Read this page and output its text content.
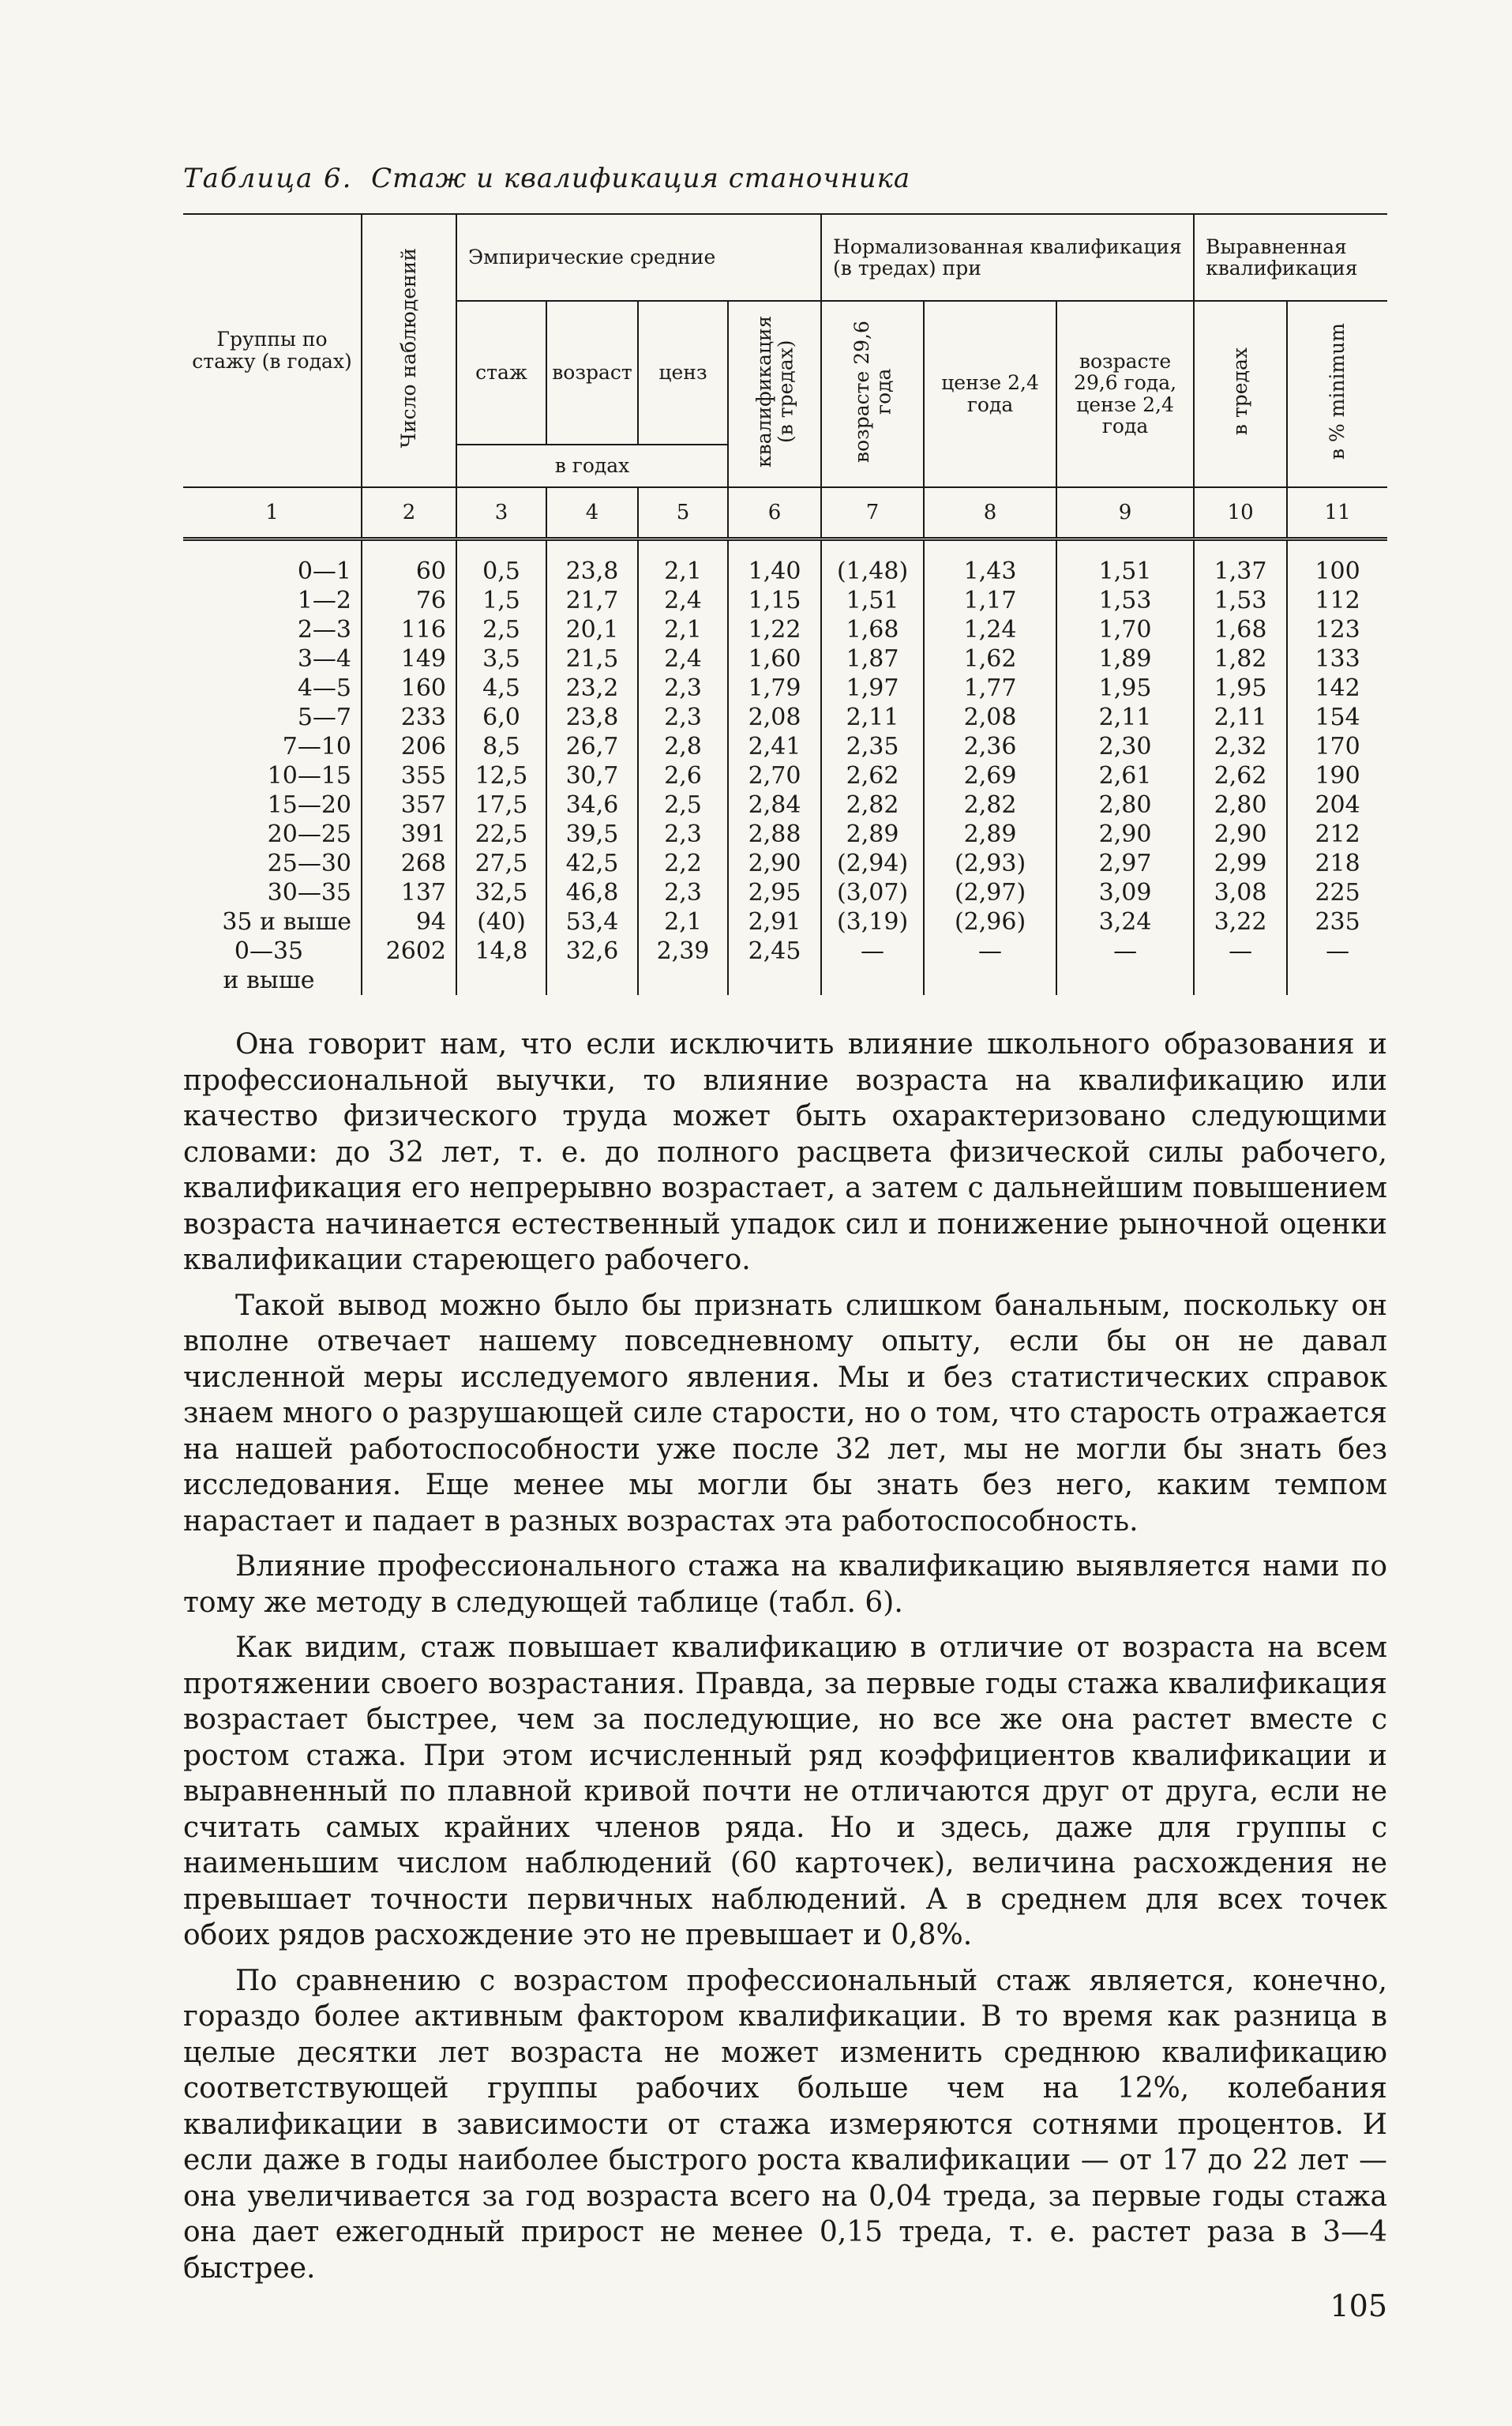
Таблица 6. Стаж и квалификация станочника
Группы по стажу (в годах)	Число наблюдений	Эмпирические средние				Нормализованная квалификация (в тредах) при			Выравненная квалификация	
		стаж	возраст	ценз	квалификация (в тредах)	возрасте 29,6 года	цензе 2,4 года	возрасте 29,6 года, цензе 2,4 года	в тредах	в % minimum
		в годах								
1	2	3	4	5	6	7	8	9	10	11
0—1	60	0,5	23,8	2,1	1,40	(1,48)	1,43	1,51	1,37	100
1—2	76	1,5	21,7	2,4	1,15	1,51	1,17	1,53	1,53	112
2—3	116	2,5	20,1	2,1	1,22	1,68	1,24	1,70	1,68	123
3—4	149	3,5	21,5	2,4	1,60	1,87	1,62	1,89	1,82	133
4—5	160	4,5	23,2	2,3	1,79	1,97	1,77	1,95	1,95	142
5—7	233	6,0	23,8	2,3	2,08	2,11	2,08	2,11	2,11	154
7—10	206	8,5	26,7	2,8	2,41	2,35	2,36	2,30	2,32	170
10—15	355	12,5	30,7	2,6	2,70	2,62	2,69	2,61	2,62	190
15—20	357	17,5	34,6	2,5	2,84	2,82	2,82	2,80	2,80	204
20—25	391	22,5	39,5	2,3	2,88	2,89	2,89	2,90	2,90	212
25—30	268	27,5	42,5	2,2	2,90	(2,94)	(2,93)	2,97	2,99	218
30—35	137	32,5	46,8	2,3	2,95	(3,07)	(2,97)	3,09	3,08	225
35 и выше	94	(40)	53,4	2,1	2,91	(3,19)	(2,96)	3,24	3,22	235

0—35
и выше	2602	14,8	32,6	2,39	2,45	—	—	—	—	—

Она говорит нам, что если исключить влияние школьного образования и профессиональной выучки, то влияние возраста на квалификацию или качество физического труда может быть охарактеризовано следующими словами: до 32 лет, т. е. до полного расцвета физической силы рабочего, квалификация его непрерывно возрастает, а затем с дальнейшим повышением возраста начинается естественный упадок сил и понижение рыночной оценки квалификации стареющего рабочего.

Такой вывод можно было бы признать слишком банальным, поскольку он вполне отвечает нашему повседневному опыту, если бы он не давал численной меры исследуемого явления. Мы и без статистических справок знаем много о разрушающей силе старости, но о том, что старость отражается на нашей работоспособности уже после 32 лет, мы не могли бы знать без исследования. Еще менее мы могли бы знать без него, каким темпом нарастает и падает в разных возрастах эта работоспособность.

Влияние профессионального стажа на квалификацию выявляется нами по тому же методу в следующей таблице (табл. 6).

Как видим, стаж повышает квалификацию в отличие от возраста на всем протяжении своего возрастания. Правда, за первые годы стажа квалификация возрастает быстрее, чем за последующие, но все же она растет вместе с ростом стажа. При этом исчисленный ряд коэффициентов квалификации и выравненный по плавной кривой почти не отличаются друг от друга, если не считать самых крайних членов ряда. Но и здесь, даже для группы с наименьшим числом наблюдений (60 карточек), величина расхождения не превышает точности первичных наблюдений. А в среднем для всех точек обоих рядов расхождение это не превышает и 0,8%.

По сравнению с возрастом профессиональный стаж является, конечно, гораздо более активным фактором квалификации. В то время как разница в целые десятки лет возраста не может изменить среднюю квалификацию соответствующей группы рабочих больше чем на 12%, колебания квалификации в зависимости от стажа измеряются сотнями процентов. И если даже в годы наиболее быстрого роста квалификации — от 17 до 22 лет — она увеличивается за год возраста всего на 0,04 треда, за первые годы стажа она дает ежегодный прирост не менее 0,15 треда, т. е. растет раза в 3—4 быстрее.

105
